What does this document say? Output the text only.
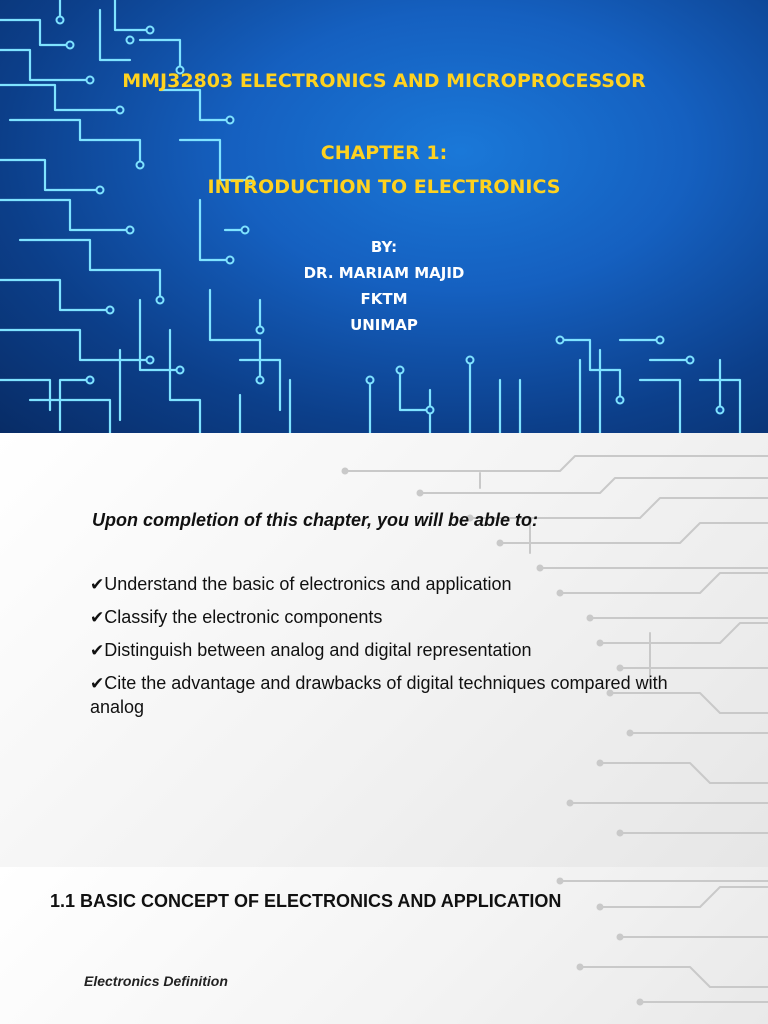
MMJ32803 ELECTRONICS AND MICROPROCESSOR
CHAPTER 1:
INTRODUCTION TO ELECTRONICS
BY:
DR. MARIAM MAJID
FKTM
UNIMAP
Upon completion of this chapter, you will be able to:
✔Understand the basic of electronics and application
✔Classify the electronic components
✔Distinguish between analog and digital representation
✔Cite the advantage and drawbacks of digital techniques compared with analog
1.1 BASIC CONCEPT OF ELECTRONICS AND APPLICATION
Electronics Definition
